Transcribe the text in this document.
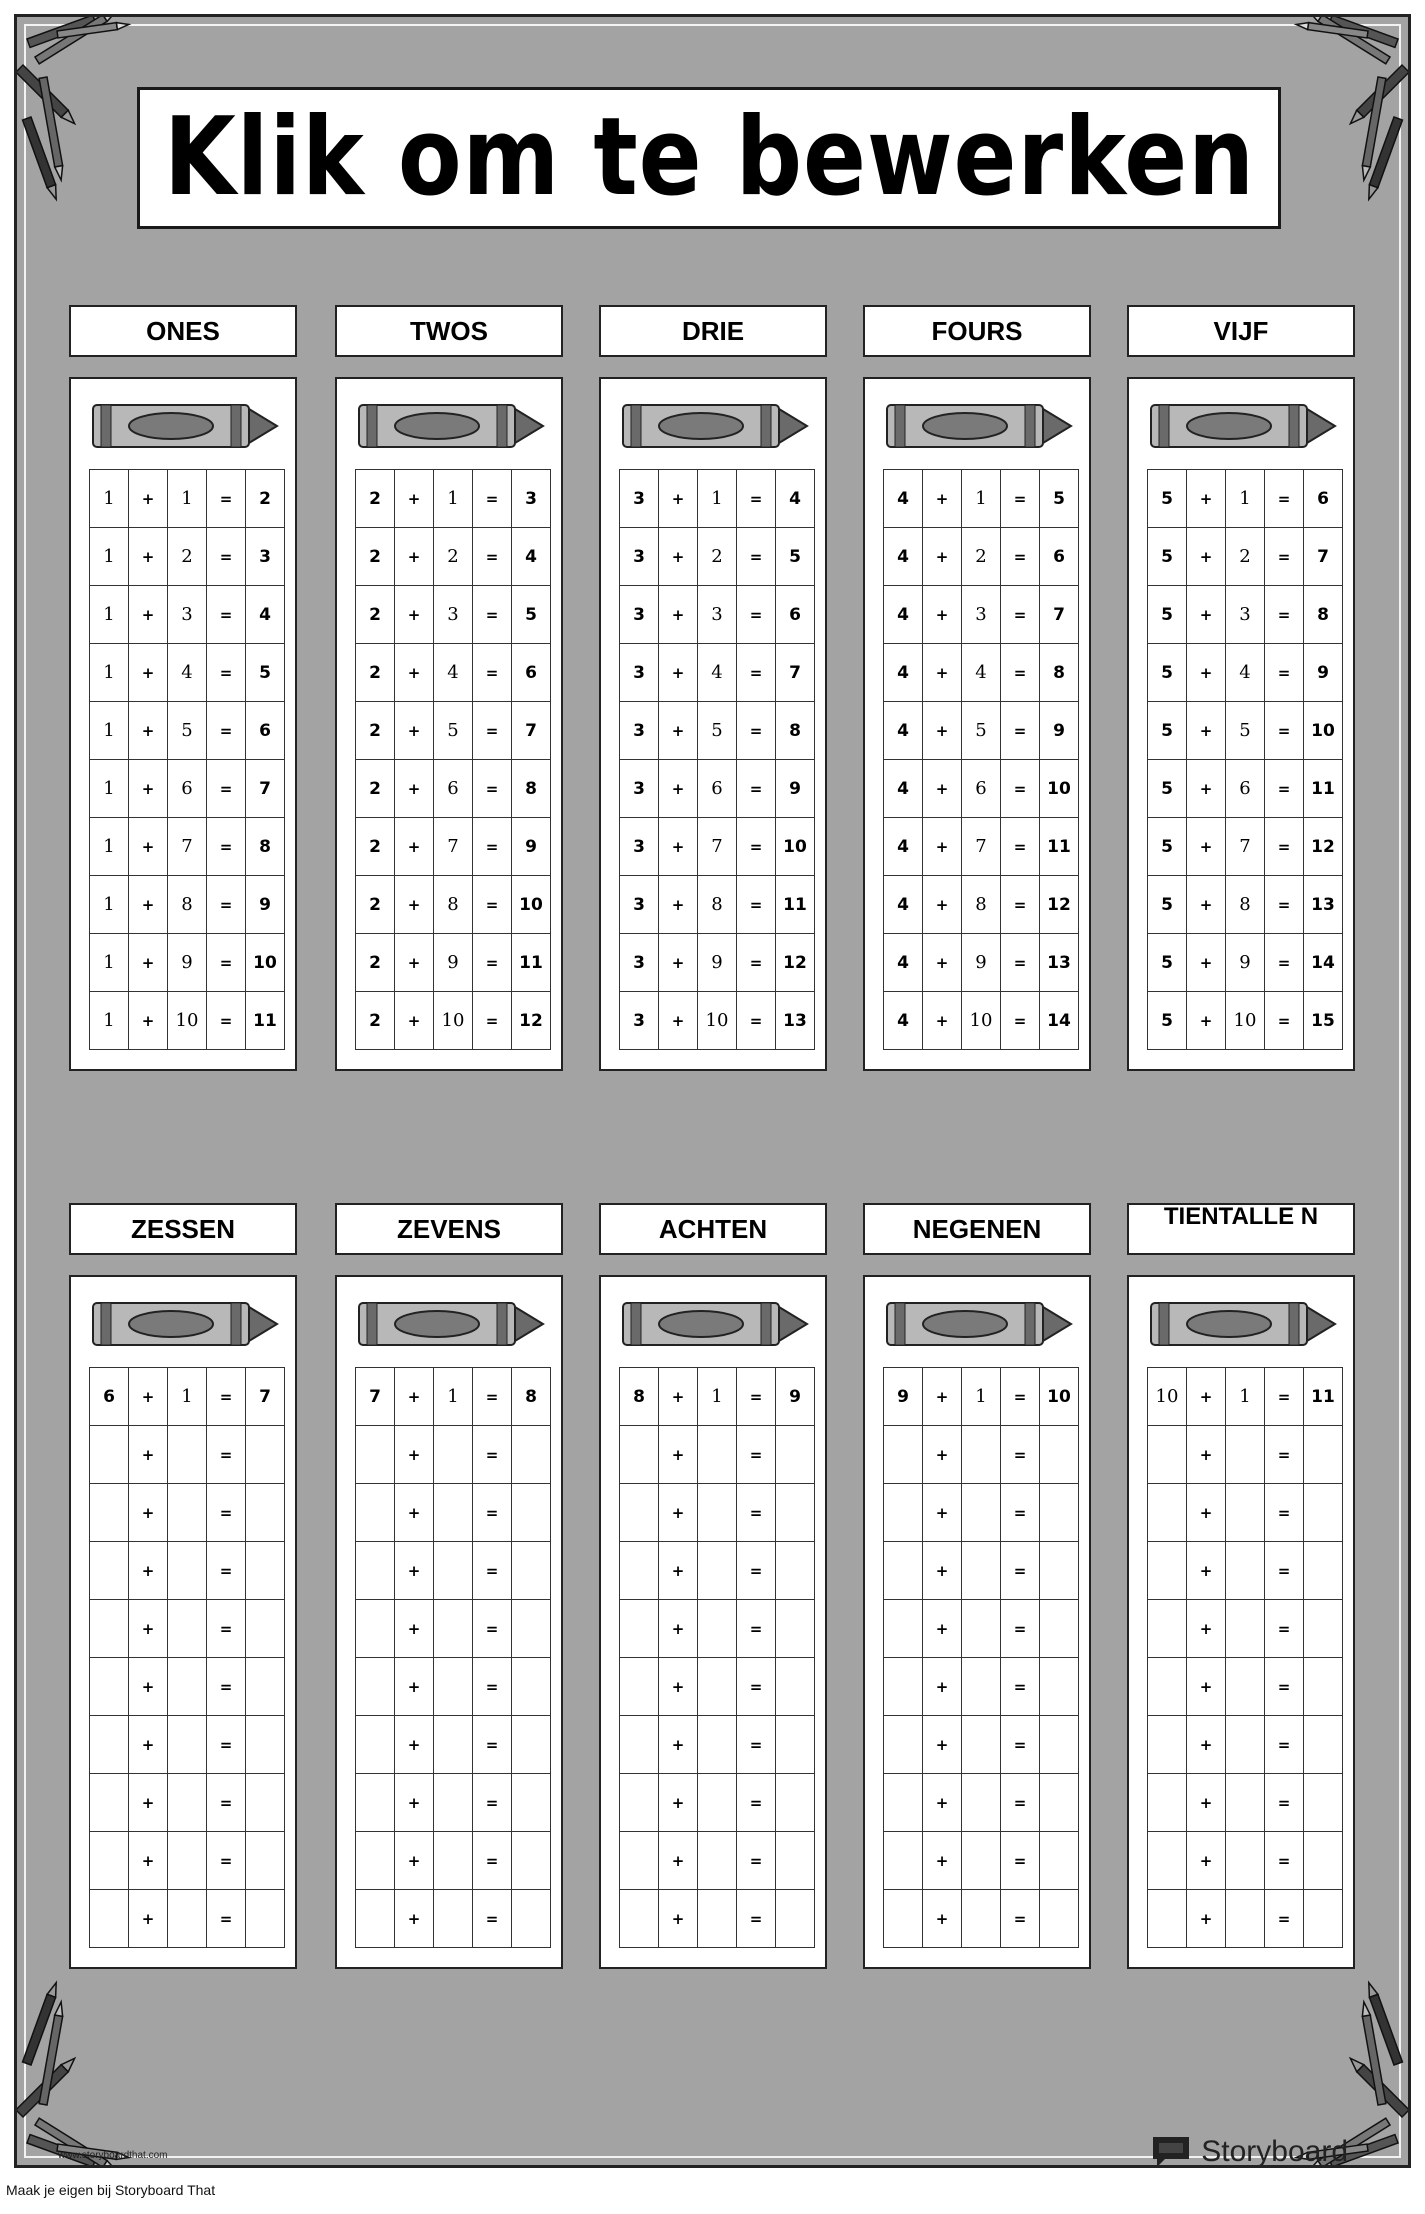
Klik om te bewerken
ONES
1	+	1	=	2
1	+	2	=	3
1	+	3	=	4
1	+	4	=	5
1	+	5	=	6
1	+	6	=	7
1	+	7	=	8
1	+	8	=	9
1	+	9	=	10
1	+	10	=	11
TWOS
2	+	1	=	3
2	+	2	=	4
2	+	3	=	5
2	+	4	=	6
2	+	5	=	7
2	+	6	=	8
2	+	7	=	9
2	+	8	=	10
2	+	9	=	11
2	+	10	=	12
DRIE
3	+	1	=	4
3	+	2	=	5
3	+	3	=	6
3	+	4	=	7
3	+	5	=	8
3	+	6	=	9
3	+	7	=	10
3	+	8	=	11
3	+	9	=	12
3	+	10	=	13
FOURS
4	+	1	=	5
4	+	2	=	6
4	+	3	=	7
4	+	4	=	8
4	+	5	=	9
4	+	6	=	10
4	+	7	=	11
4	+	8	=	12
4	+	9	=	13
4	+	10	=	14
VIJF
5	+	1	=	6
5	+	2	=	7
5	+	3	=	8
5	+	4	=	9
5	+	5	=	10
5	+	6	=	11
5	+	7	=	12
5	+	8	=	13
5	+	9	=	14
5	+	10	=	15
ZESSEN
6	+	1	=	7
	+		=	
	+		=	
	+		=	
	+		=	
	+		=	
	+		=	
	+		=	
	+		=	
	+		=	
ZEVENS
7	+	1	=	8
	+		=	
	+		=	
	+		=	
	+		=	
	+		=	
	+		=	
	+		=	
	+		=	
	+		=	
ACHTEN
8	+	1	=	9
	+		=	
	+		=	
	+		=	
	+		=	
	+		=	
	+		=	
	+		=	
	+		=	
	+		=	
NEGENEN
9	+	1	=	10
	+		=	
	+		=	
	+		=	
	+		=	
	+		=	
	+		=	
	+		=	
	+		=	
	+		=	
TIENTALLE N
10	+	1	=	11
	+		=	
	+		=	
	+		=	
	+		=	
	+		=	
	+		=	
	+		=	
	+		=	
	+		=	
Storyboard
www.storyboardthat.com
Maak je eigen bij Storyboard That
